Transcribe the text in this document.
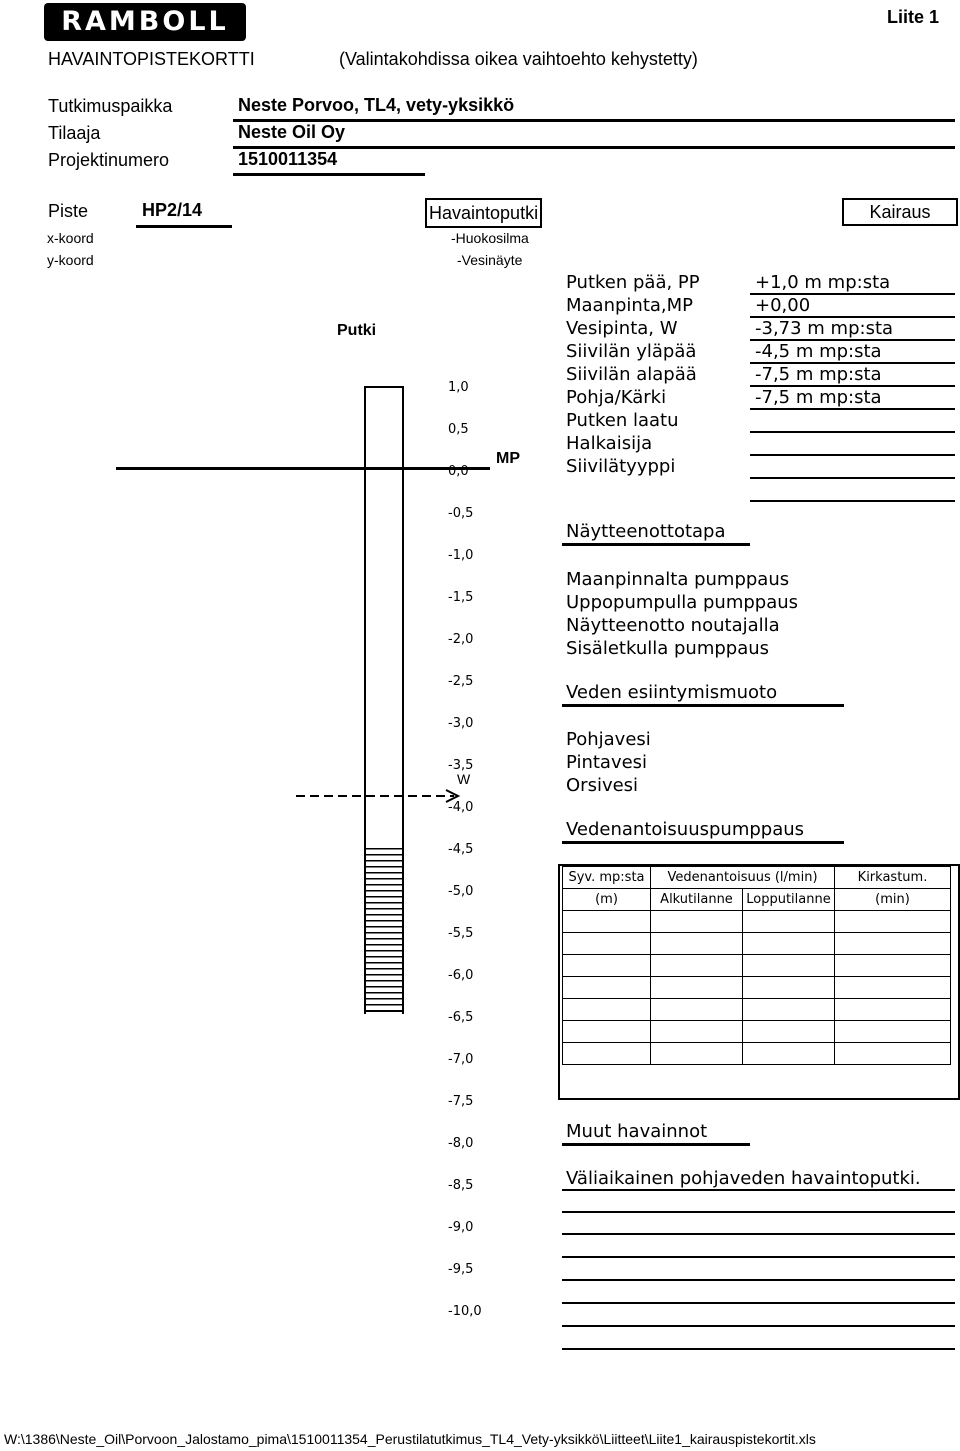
RAMBOLL	Liite 1
HAVAINTOPISTEKORTTI	(Valintakohdissa oikea vaihtoehto kehystetty)
Tutkimuspaikka	Neste Porvoo, TL4, vety-yksikkö
Tilaaja	Neste Oil Oy
Projektinumero	1510011354
Piste	HP2/14	Havaintoputki	Kairaus
x-koord
y-koord
-Huokosilma
-Vesinäyte
Putki
MP
W
1,0
0,5
0,0
-0,5
-1,0
-1,5
-2,0
-2,5
-3,0
-3,5
-4,0
-4,5
-5,0
-5,5
-6,0
-6,5
-7,0
-7,5
-8,0
-8,5
-9,0
-9,5
-10,0
Putken pää, PP	+1,0 m mp:sta
Maanpinta,MP	+0,00
Vesipinta, W	-3,73 m mp:sta
Siivilän yläpää	-4,5 m mp:sta
Siivilän alapää	-7,5 m mp:sta
Pohja/Kärki	-7,5 m mp:sta
Putken laatu
Halkaisija
Siivilätyyppi
Näytteenottotapa
Maanpinnalta pumppaus
Uppopumpulla pumppaus
Näytteenotto noutajalla
Sisäletkulla pumppaus
Veden esiintymismuoto
Pohjavesi
Pintavesi
Orsivesi
Vedenantoisuuspumppaus
Syv. mp:sta	Vedenantoisuus (l/min)		Kirkastum.
(m)	Alkutilanne	Lopputilanne	(min)

Muut havainnot
Väliaikainen pohjaveden havaintoputki.
W:\1386\Neste_Oil\Porvoon_Jalostamo_pima\1510011354_Perustilatutkimus_TL4_Vety-yksikkö\Liitteet\Liite1_kairauspistekortit.xls
